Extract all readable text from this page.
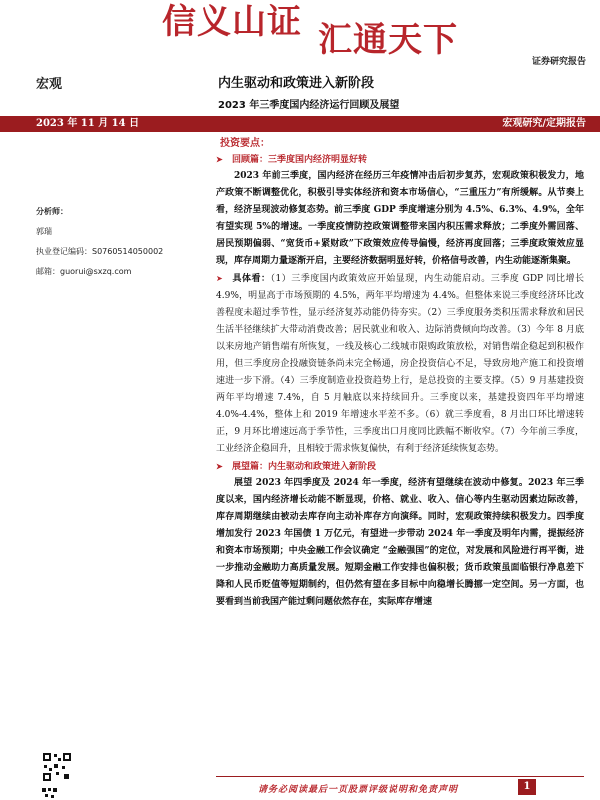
信义山证 汇通天下
证券研究报告
宏观	内生驱动和政策进入新阶段
2023 年三季度国内经济运行回顾及展望
2023 年 11 月 14 日	宏观研究/定期报告
分析师：
郭瑞
执业登记编码：S0760514050002
邮箱：guorui@sxzq.com
投资要点：
➤ 回顾篇：三季度国内经济明显好转

2023 年前三季度，国内经济在经历三年疫情冲击后初步复苏，宏观政策积极发力，地产政策不断调整优化，积极引导实体经济和资本市场信心，“三重压力”有所缓解。从节奏上看，经济呈现波动修复态势。前三季度 GDP 季度增速分别为 4.5%、6.3%、4.9%，全年有望实现 5%的增速。一季度疫情防控政策调整带来国内积压需求释放；二季度外需回落、居民预期偏弱、“宽货币+紧财政”下政策效应传导偏慢，经济再度回落；三季度政策效应显现，库存周期力量逐渐开启，主要经济数据明显好转，价格信号改善，内生动能逐渐集聚。

➤ 具体看：（1）三季度国内政策效应开始显现，内生动能启动。三季度 GDP 同比增长 4.9%，明显高于市场预期的 4.5%，两年平均增速为 4.4%。但整体来说三季度经济环比改善程度未超过季节性，显示经济复苏动能仍待夯实。（2）三季度服务类积压需求释放和居民生活半径继续扩大带动消费改善；居民就业和收入、边际消费倾向均改善。（3）今年 8 月底以来房地产销售端有所恢复，一线及核心二线城市限购政策放松，对销售端企稳起到积极作用，但三季度房企投融资链条尚未完全畅通，房企投资信心不足，导致房地产施工和投资增速进一步下滑。（4）三季度制造业投资趋势上行，是总投资的主要支撑。（5）9 月基建投资两年平均增速 7.4%，自 5 月触底以来持续回升。三季度以来，基建投资四年平均增速 4.0%-4.4%，整体上和 2019 年增速水平差不多。（6）就三季度看，8 月出口环比增速转正，9 月环比增速远高于季节性，三季度出口月度同比跌幅不断收窄。（7）今年前三季度，工业经济企稳回升，且相较于需求恢复偏快，有利于经济延续恢复态势。
➤ 展望篇：内生驱动和政策进入新阶段

展望 2023 年四季度及 2024 年一季度，经济有望继续在波动中修复。2023 年三季度以来，国内经济增长动能不断显现，价格、就业、收入、信心等内生驱动因素边际改善，库存周期继续由被动去库存向主动补库存方向演绎。同时，宏观政策持续积极发力。四季度增加发行 2023 年国债 1 万亿元，有望进一步带动 2024 年一季度及明年内需，提振经济和资本市场预期；中央金融工作会议确定 “金融强国”的定位，对发展和风险进行再平衡，进一步推动金融助力高质量发展。短期金融工作安排也偏积极；货币政策虽面临银行净息差下降和人民币贬值等短期制约，但仍然有望在多目标中向稳增长腾挪一定空间。另一方面，也要看到当前我国产能过剩问题依然存在，实际库存增速

请务必阅读最后一页股票评级说明和免责声明	1
